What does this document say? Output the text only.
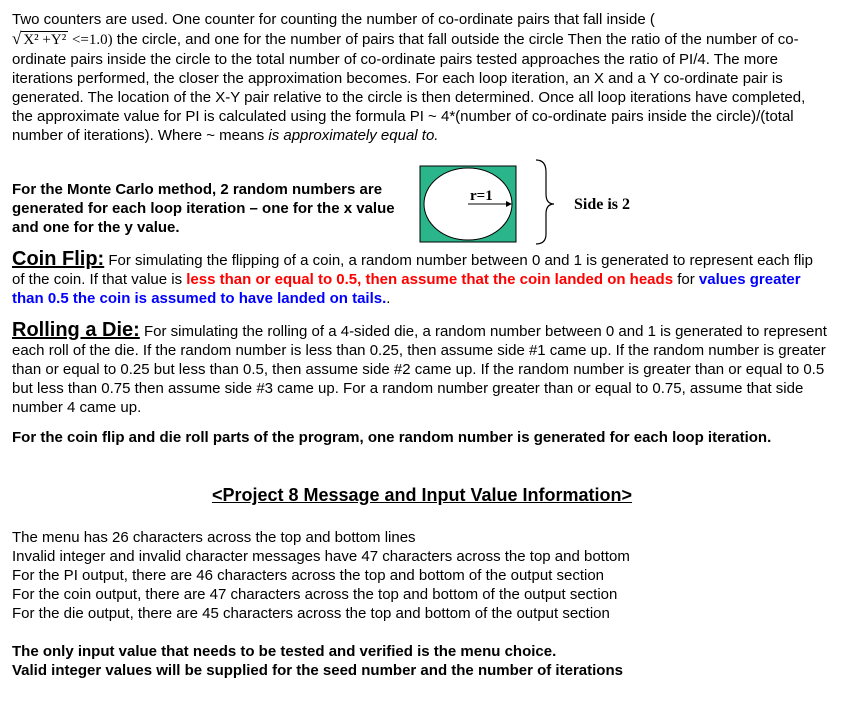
Two counters are used. One counter for counting the number of co-ordinate pairs that fall inside (
√ X² +Y² <=1.0) the circle, and one for the number of pairs that fall outside the circle Then the ratio of the number of co-ordinate pairs inside the circle to the total number of co-ordinate pairs tested approaches the ratio of PI/4. The more iterations performed, the closer the approximation becomes. For each loop iteration, an X and a Y co-ordinate pair is generated. The location of the X-Y pair relative to the circle is then determined. Once all loop iterations have completed, the approximate value for PI is calculated using the formula PI ~ 4*(number of co-ordinate pairs inside the circle)/(total number of iterations). Where ~ means is approximately equal to.

For the Monte Carlo method, 2 random numbers are generated for each loop iteration – one for the x value and one for the y value.

r=1	Side is 2

Coin Flip: For simulating the flipping of a coin, a random number between 0 and 1 is generated to represent each flip of the coin. If that value is less than or equal to 0.5, then assume that the coin landed on heads for values greater than 0.5 the coin is assumed to have landed on tails..

Rolling a Die: For simulating the rolling of a 4-sided die, a random number between 0 and 1 is generated to represent each roll of the die. If the random number is less than 0.25, then assume side #1 came up. If the random number is greater than or equal to 0.25 but less than 0.5, then assume side #2 came up. If the random number is greater than or equal to 0.5 but less than 0.75 then assume side #3 came up. For a random number greater than or equal to 0.75, assume that side number 4 came up.

For the coin flip and die roll parts of the program, one random number is generated for each loop iteration.

<Project 8 Message and Input Value Information>
The menu has 26 characters across the top and bottom lines
Invalid integer and invalid character messages have 47 characters across the top and bottom
For the PI output, there are 46 characters across the top and bottom of the output section
For the coin output, there are 47 characters across the top and bottom of the output section
For the die output, there are 45 characters across the top and bottom of the output section
The only input value that needs to be tested and verified is the menu choice.
Valid integer values will be supplied for the seed number and the number of iterations
